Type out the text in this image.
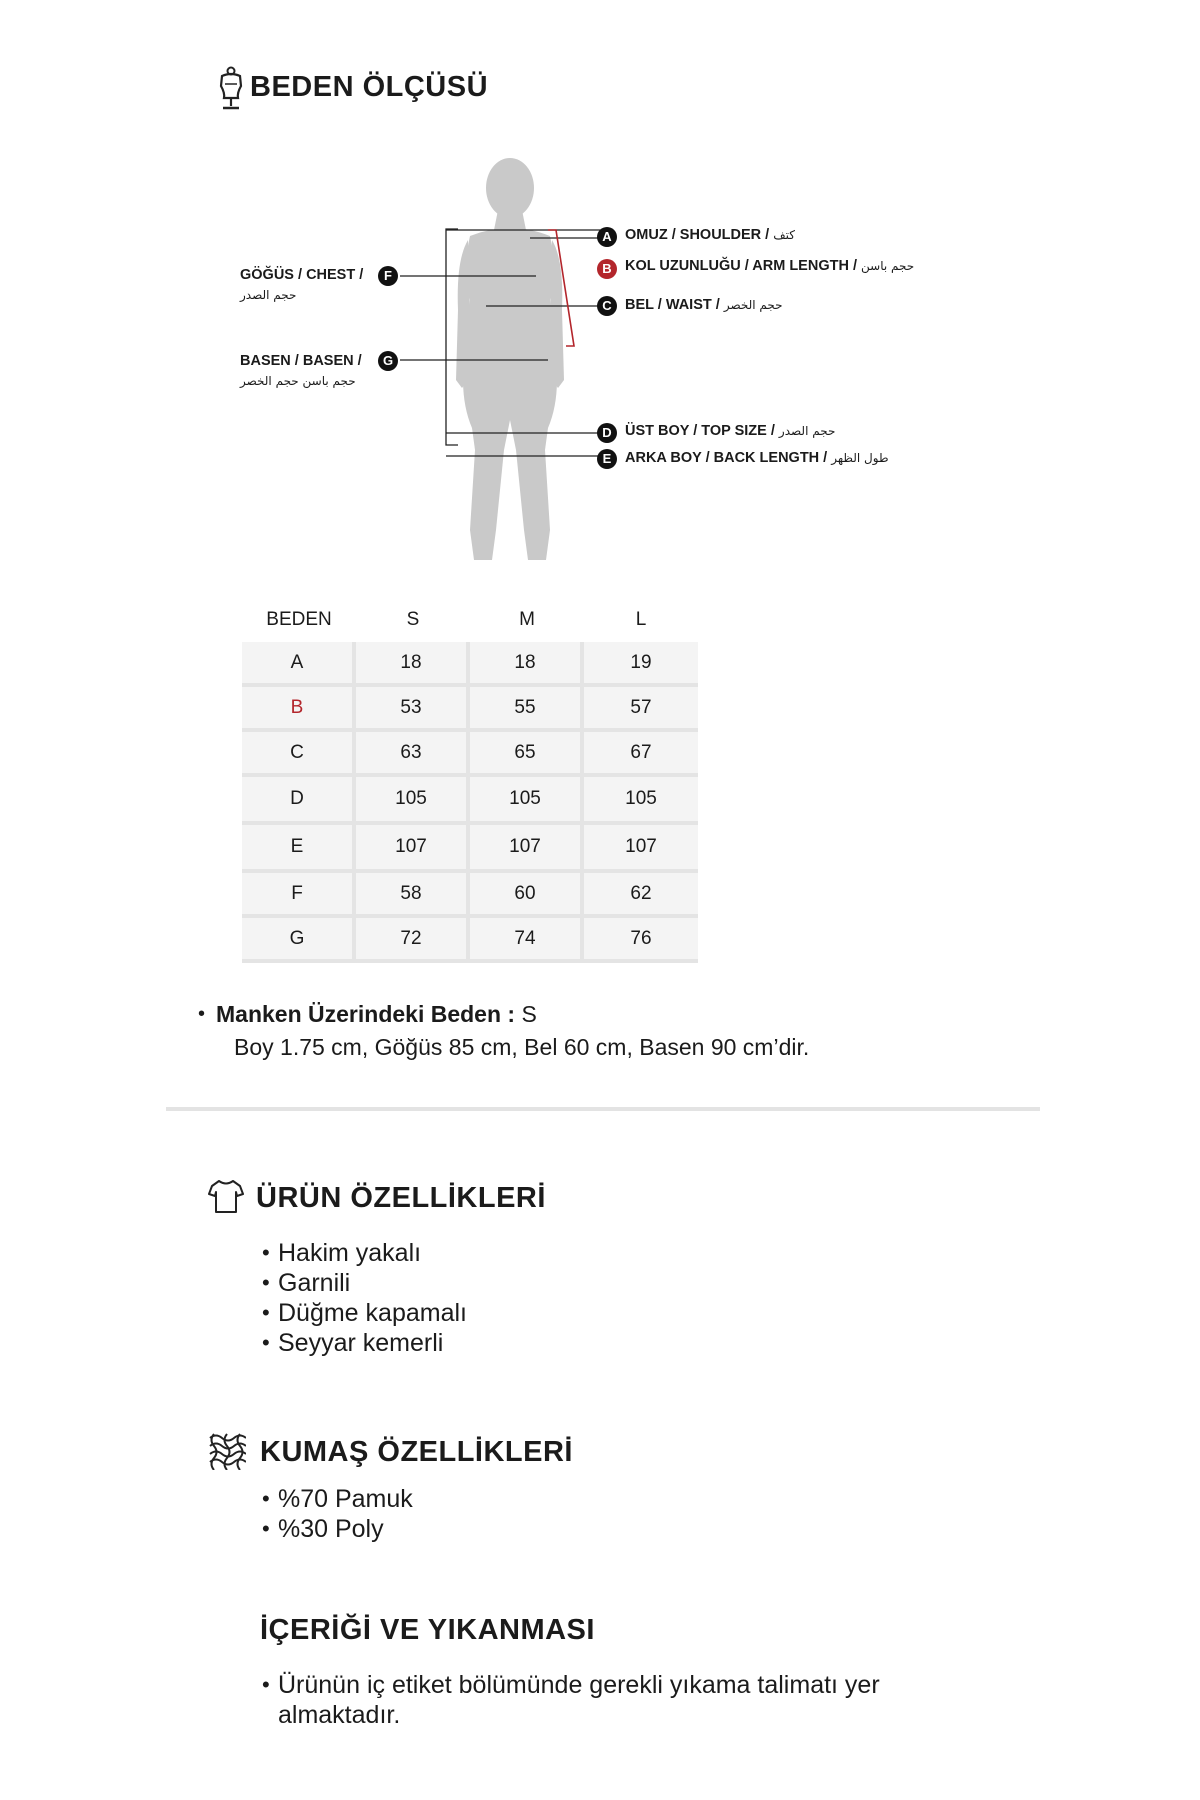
BEDEN ÖLÇÜSÜ
A OMUZ / SHOULDER / كتف
B KOL UZUNLUĞU / ARM LENGTH / حجم باسن
C BEL / WAIST / حجم الخصر
D ÜST BOY / TOP SIZE / حجم الصدر
E ARKA BOY / BACK LENGTH / طول الظهر
GÖĞÜS / CHEST /
حجم الصدر
F
BASEN / BASEN /
حجم باسن حجم الخصر
G
BEDEN	S	M	L
A	18	18	19
B	53	55	57
C	63	65	67
D	105	105	105
E	107	107	107
F	58	60	62
G	72	74	76
• Manken Üzerindeki Beden : S
Boy 1.75 cm, Göğüs 85 cm, Bel 60 cm, Basen 90 cm’dir.
ÜRÜN ÖZELLİKLERİ
• Hakim yakalı
• Garnili
• Düğme kapamalı
• Seyyar kemerli
KUMAŞ ÖZELLİKLERİ
• %70 Pamuk
• %30 Poly
İÇERİĞİ VE YIKANMASI
• Ürünün iç etiket bölümünde gerekli yıkama talimatı yer almaktadır.
